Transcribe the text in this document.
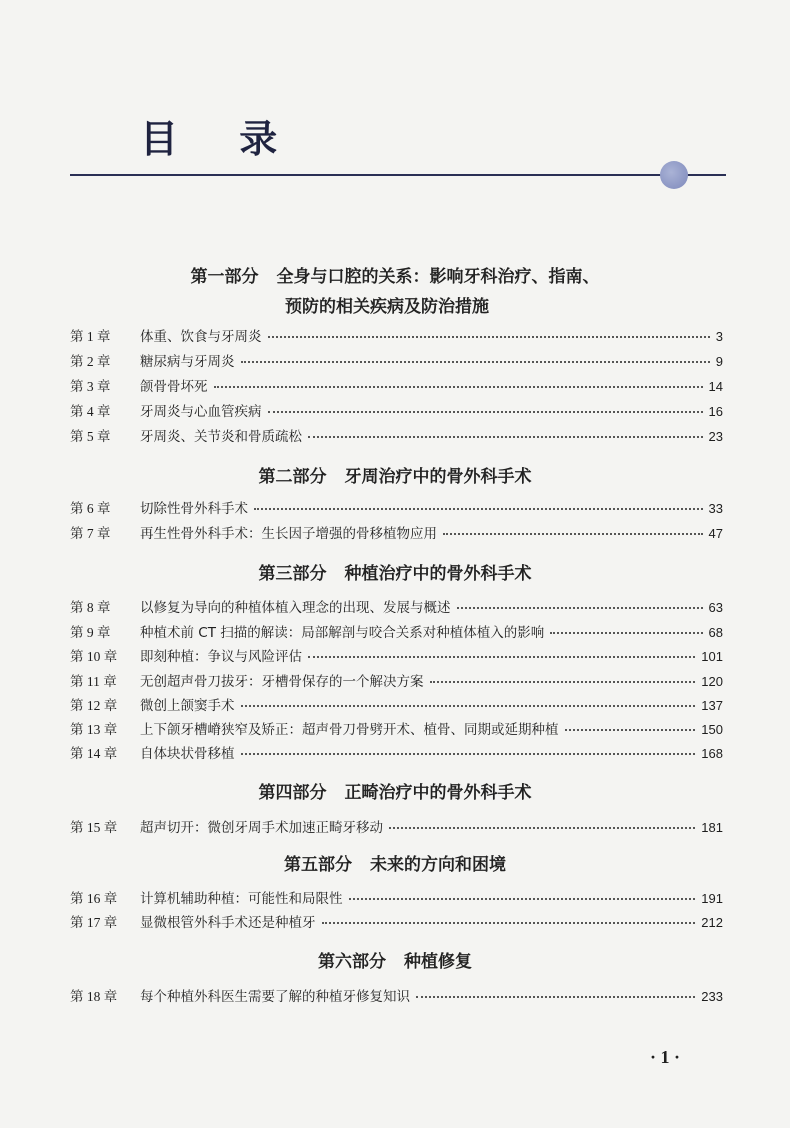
目 录
第一部分 全身与口腔的关系：影响牙科治疗、指南、
预防的相关疾病及防治措施
第 1 章	体重、饮食与牙周炎	3
第 2 章	糖尿病与牙周炎	9
第 3 章	颌骨骨坏死	14
第 4 章	牙周炎与心血管疾病	16
第 5 章	牙周炎、关节炎和骨质疏松	23
第二部分 牙周治疗中的骨外科手术
第 6 章	切除性骨外科手术	33
第 7 章	再生性骨外科手术：生长因子增强的骨移植物应用	47
第三部分 种植治疗中的骨外科手术
第 8 章	以修复为导向的种植体植入理念的出现、发展与概述	63
第 9 章	种植术前 CT 扫描的解读：局部解剖与咬合关系对种植体植入的影响	68
第 10 章	即刻种植：争议与风险评估	101
第 11 章	无创超声骨刀拔牙：牙槽骨保存的一个解决方案	120
第 12 章	微创上颌窦手术	137
第 13 章	上下颌牙槽嵴狭窄及矫正：超声骨刀骨劈开术、植骨、同期或延期种植	150
第 14 章	自体块状骨移植	168
第四部分 正畸治疗中的骨外科手术
第 15 章	超声切开：微创牙周手术加速正畸牙移动	181
第五部分 未来的方向和困境
第 16 章	计算机辅助种植：可能性和局限性	191
第 17 章	显微根管外科手术还是种植牙	212
第六部分 种植修复
第 18 章	每个种植外科医生需要了解的种植牙修复知识	233
· 1 ·
